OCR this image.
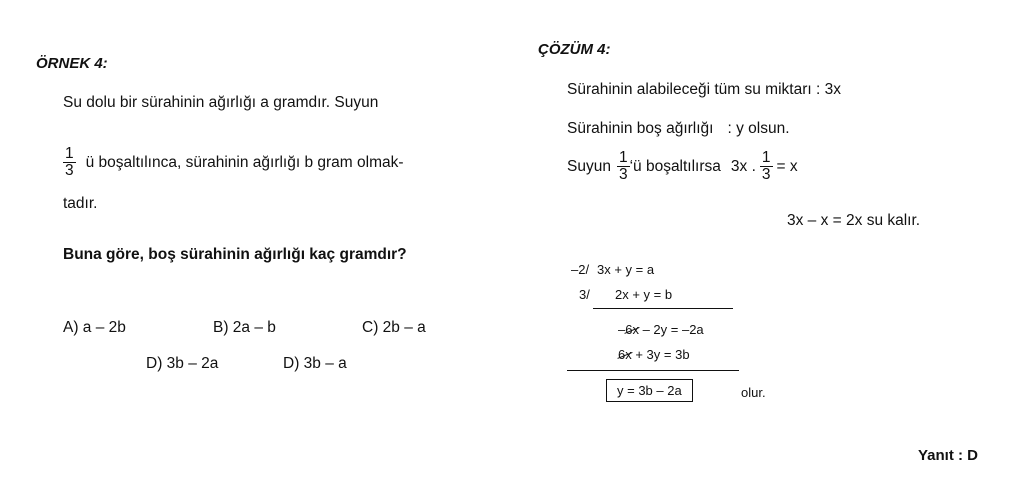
ÖRNEK 4:
Su dolu bir sürahinin ağırlığı a gramdır. Suyun
$\frac{1}{3}$ ü boşaltılınca, sürahinin ağırlığı b gram olmak-
tadır.
Buna göre, boş sürahinin ağırlığı kaç gramdır?
A) a – 2b	B) 2a – b	C) 2b – a
D) 3b – 2a	D) 3b – a
ÇÖZÜM 4:
Sürahinin alabileceği tüm su miktarı : 3x
Sürahinin boş ağırlığı : y olsun.
Suyun $\frac{1}{3}$ ‘ü boşaltılırsa 3x . $\frac{1}{3} = x$
3x – x = 2x su kalır.
–2/ 3x + y = a
3/ 2x + y = b
–6x – 2y = –2a
6x + 3y = 3b
y = 3b – 2a	olur.
Yanıt : D
